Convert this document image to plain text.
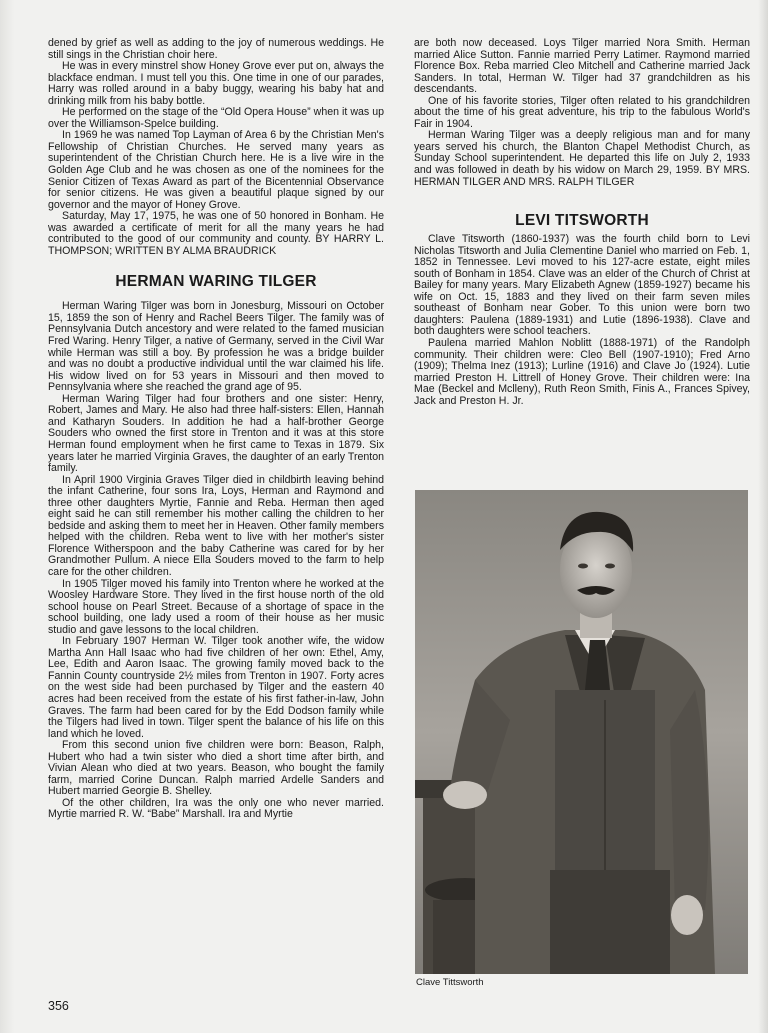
dened by grief as well as adding to the joy of numerous weddings. He still sings in the Christian choir here.

He was in every minstrel show Honey Grove ever put on, always the blackface endman. I must tell you this. One time in one of our parades, Harry was rolled around in a baby buggy, wearing his baby hat and drinking milk from his baby bottle.

He performed on the stage of the “Old Opera House” when it was up over the Williamson-Spelce building.

In 1969 he was named Top Layman of Area 6 by the Christian Men's Fellowship of Christian Churches. He served many years as superintendent of the Christian Church here. He is a live wire in the Golden Age Club and he was chosen as one of the nominees for the Senior Citizen of Texas Award as part of the Bicentennial Observance for senior citizens. He was given a beautiful plaque signed by our governor and the mayor of Honey Grove.

Saturday, May 17, 1975, he was one of 50 honored in Bonham. He was awarded a certificate of merit for all the many years he had contributed to the good of our community and county. BY HARRY L. THOMPSON; WRITTEN BY ALMA BRAUDRICK

HERMAN WARING TILGER

Herman Waring Tilger was born in Jonesburg, Missouri on October 15, 1859 the son of Henry and Rachel Beers Tilger. The family was of Pennsylvania Dutch ancestory and were related to the famed musician Fred Waring. Henry Tilger, a native of Germany, served in the Civil War while Herman was still a boy. By profession he was a bridge builder and was no doubt a productive individual until the war claimed his life. His widow lived on for 53 years in Missouri and then moved to Pennsylvania where she reached the grand age of 95.

Herman Waring Tilger had four brothers and one sister: Henry, Robert, James and Mary. He also had three half-sisters: Ellen, Hannah and Katharyn Souders. In addition he had a half-brother George Souders who owned the first store in Trenton and it was at this store Herman found employment when he first came to Texas in 1879. Six years later he married Virginia Graves, the daughter of an early Trenton family.

In April 1900 Virginia Graves Tilger died in childbirth leaving behind the infant Catherine, four sons Ira, Loys, Herman and Raymond and three other daughters Myrtie, Fannie and Reba. Herman then aged eight said he can still remember his mother calling the children to her bedside and asking them to meet her in Heaven. Other family members helped with the children. Reba went to live with her mother's sister Florence Witherspoon and the baby Catherine was cared for by her Grandmother Pullum. A niece Ella Souders moved to the farm to help care for the other children.

In 1905 Tilger moved his family into Trenton where he worked at the Woosley Hardware Store. They lived in the first house north of the old school house on Pearl Street. Because of a shortage of space in the school building, one lady used a room of their house as her music studio and gave lessons to the local children.

In February 1907 Herman W. Tilger took another wife, the widow Martha Ann Hall Isaac who had five children of her own: Ethel, Amy, Lee, Edith and Aaron Isaac. The growing family moved back to the Fannin County countryside 2½ miles from Trenton in 1907. Forty acres on the west side had been purchased by Tilger and the eastern 40 acres had been received from the estate of his first father-in-law, John Graves. The farm had been cared for by the Edd Dodson family while the Tilgers had lived in town. Tilger spent the balance of his life on this land which he loved.

From this second union five children were born: Beason, Ralph, Hubert who had a twin sister who died a short time after birth, and Vivian Alean who died at two years. Beason, who bought the family farm, married Corine Duncan. Ralph married Ardelle Sanders and Hubert married Georgie B. Shelley.

Of the other children, Ira was the only one who never married. Myrtie married R. W. “Babe” Marshall. Ira and Myrtie

are both now deceased. Loys Tilger married Nora Smith. Herman married Alice Sutton. Fannie married Perry Latimer. Raymond married Florence Box. Reba married Cleo Mitchell and Catherine married Jack Sanders. In total, Herman W. Tilger had 37 grandchildren as his descendants.

One of his favorite stories, Tilger often related to his grandchildren about the time of his great adventure, his trip to the fabulous World's Fair in 1904.

Herman Waring Tilger was a deeply religious man and for many years served his church, the Blanton Chapel Methodist Church, as Sunday School superintendent. He departed this life on July 2, 1933 and was followed in death by his widow on March 29, 1959. BY MRS. HERMAN TILGER AND MRS. RALPH TILGER

LEVI TITSWORTH

Clave Titsworth (1860-1937) was the fourth child born to Levi Nicholas Titsworth and Julia Clementine Daniel who married on Feb. 1, 1852 in Tennessee. Levi moved to his 127-acre estate, eight miles south of Bonham in 1854. Clave was an elder of the Church of Christ at Bailey for many years. Mary Elizabeth Agnew (1859-1927) became his wife on Oct. 15, 1883 and they lived on their farm seven miles southeast of Bonham near Gober. To this union were born two daughters: Paulena (1889-1931) and Lutie (1896-1938). Clave and both daughters were school teachers.

Paulena married Mahlon Noblitt (1888-1971) of the Randolph community. Their children were: Cleo Bell (1907-1910); Fred Arno (1909); Thelma Inez (1913); Lurline (1916) and Clave Jo (1924). Lutie married Preston H. Littrell of Honey Grove. Their children were: Ina Mae (Beckel and Mclleny), Ruth Reon Smith, Finis A., Frances Spivey, Jack and Preston H. Jr.

Clave Tittsworth
356
